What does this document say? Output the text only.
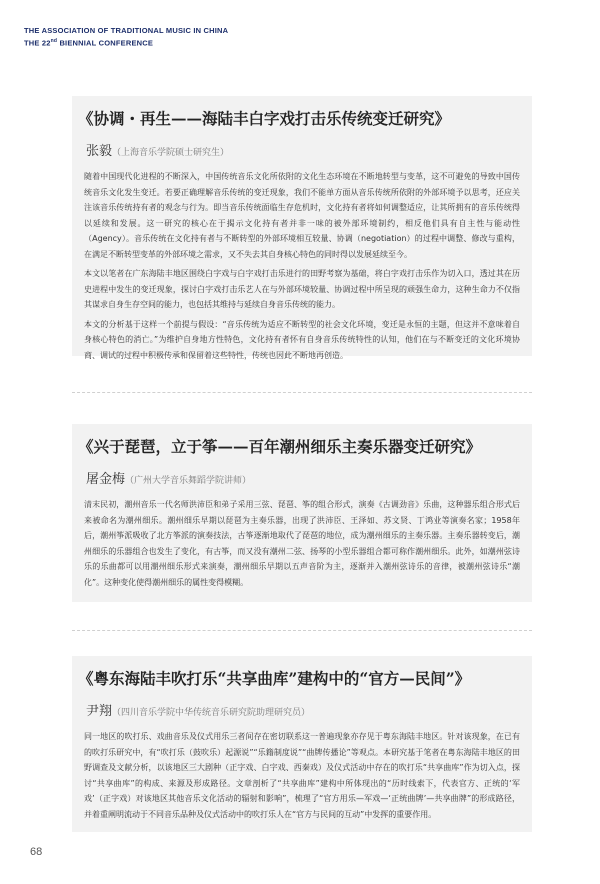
THE ASSOCIATION OF TRADITIONAL MUSIC IN CHINA
THE 22nd BIENNIAL CONFERENCE
《协调・再生——海陆丰白字戏打击乐传统变迁研究》
张毅（上海音乐学院硕士研究生）

随着中国现代化进程的不断深入，中国传统音乐文化所依附的文化生态环境在不断地转型与变革，这不可避免的导致中国传统音乐文化发生变迁。若要正确理解音乐传统的变迁现象，我们不能单方面从音乐传统所依附的外部环境予以思考，还应关注该音乐传统持有者的观念与行为。即当音乐传统面临生存危机时，文化持有者将如何调整适应，让其所拥有的音乐传统得以延续和发展。这一研究的核心在于揭示文化持有者并非一味的被外部环境制约，相反他们具有自主性与能动性（Agency）。音乐传统在文化持有者与不断转型的外部环境相互较量、协调（negotiation）的过程中调整、修改与重构，在满足不断转型变革的外部环境之需求，又不失去其自身核心特色的同时得以发展延续至今。

本文以笔者在广东海陆丰地区围绕白字戏与白字戏打击乐进行的田野考察为基础，将白字戏打击乐作为切入口，透过其在历史进程中发生的变迁现象，探讨白字戏打击乐艺人在与外部环境较量、协调过程中所呈现的顽强生命力，这种生命力不仅指其谋求自身生存空间的能力，也包括其维持与延续自身音乐传统的能力。

本文的分析基于这样一个前提与假设：“音乐传统为适应不断转型的社会文化环境，变迁是永恒的主题，但这并不意味着自身核心特色的消亡。”为维护自身地方性特色，文化持有者怀有自身音乐传统特性的认知，他们在与不断变迁的文化环境协商、调试的过程中积极传承和保留着这些特性，传统也因此不断地再创造。

《兴于琵琶，立于筝——百年潮州细乐主奏乐器变迁研究》
屠金梅（广州大学音乐舞蹈学院讲师）

清末民初，潮州音乐一代名师洪沛臣和弟子采用三弦、琵琶、筝的组合形式，演奏《古调劲音》乐曲，这种器乐组合形式后来被命名为潮州细乐。潮州细乐早期以琵琶为主奏乐器，出现了洪沛臣、王泽如、苏文贤、丁鸿业等演奏名家；1958年后，潮州筝派吸收了北方筝派的演奏技法，古筝逐渐地取代了琵琶的地位，成为潮州细乐的主奏乐器。主奏乐器转变后，潮州细乐的乐器组合也发生了变化，有古筝，而又没有潮州二弦、扬琴的小型乐器组合都可称作潮州细乐。此外，如潮州弦诗乐的乐曲都可以用潮州细乐形式来演奏，潮州细乐早期以五声音阶为主，逐渐并入潮州弦诗乐的音律，被潮州弦诗乐“潮化”。这种变化使得潮州细乐的属性变得模糊。

《粤东海陆丰吹打乐“共享曲库”建构中的“官方—民间”》
尹翔（四川音乐学院中华传统音乐研究院助理研究员）

同一地区的吹打乐、戏曲音乐及仪式用乐三者间存在密切联系这一普遍现象亦存见于粤东海陆丰地区。针对该现象，在已有的吹打乐研究中，有“吹打乐（鼓吹乐）起源说”“乐籍制度说”“曲牌传播论”等观点。本研究基于笔者在粤东海陆丰地区的田野调查及文献分析，以该地区三大剧种（正字戏、白字戏、西秦戏）及仪式活动中存在的吹打乐“共享曲库”作为切入点，探讨“共享曲库”的构成、来源及形成路径。文章剖析了“共享曲库”建构中所体现出的“历时线索下，代表官方、正统的‘军戏’（正字戏）对该地区其他音乐文化活动的辐射和影响”，梳理了“官方用乐—军戏—‘正统曲牌’—共享曲牌”的形成路径，并着重阐明流动于不同音乐品种及仪式活动中的吹打乐人在“官方与民间的互动”中发挥的重要作用。

68
